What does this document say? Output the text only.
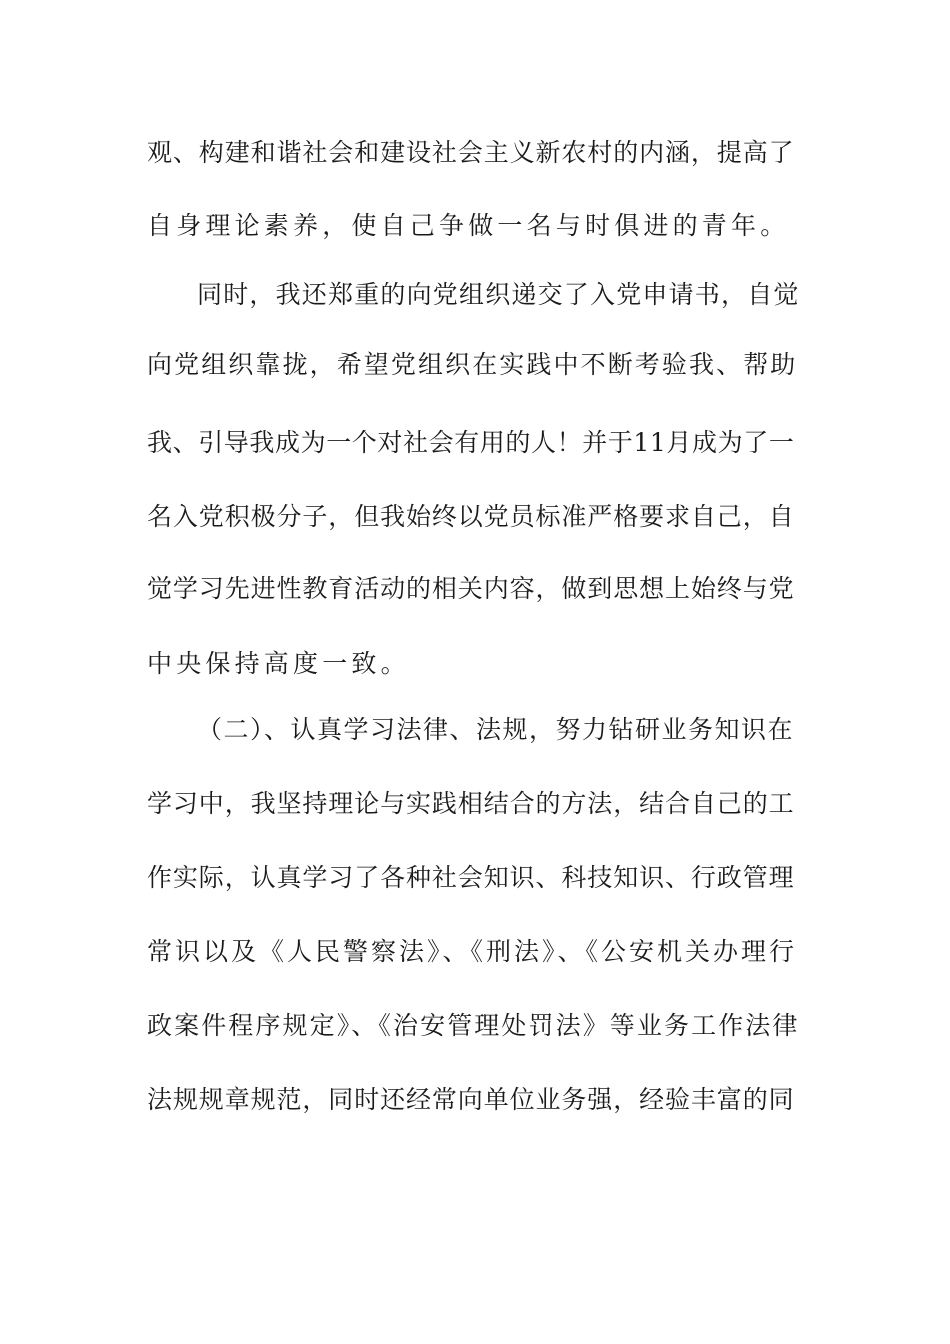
观、构建和谐社会和建设社会主义新农村的内涵，提高了
自身理论素养，使自己争做一名与时俱进的青年。
同时，我还郑重的向党组织递交了入党申请书，自觉
向党组织靠拢，希望党组织在实践中不断考验我、帮助
我、引导我成为一个对社会有用的人！并于11月成为了一
名入党积极分子，但我始终以党员标准严格要求自己，自
觉学习先进性教育活动的相关内容，做到思想上始终与党
中央保持高度一致。
（二）、认真学习法律、法规，努力钻研业务知识在
学习中，我坚持理论与实践相结合的方法，结合自己的工
作实际，认真学习了各种社会知识、科技知识、行政管理
常识以及《人民警察法》、《刑法》、《公安机关办理行
政案件程序规定》、《治安管理处罚法》等业务工作法律
法规规章规范，同时还经常向单位业务强，经验丰富的同
